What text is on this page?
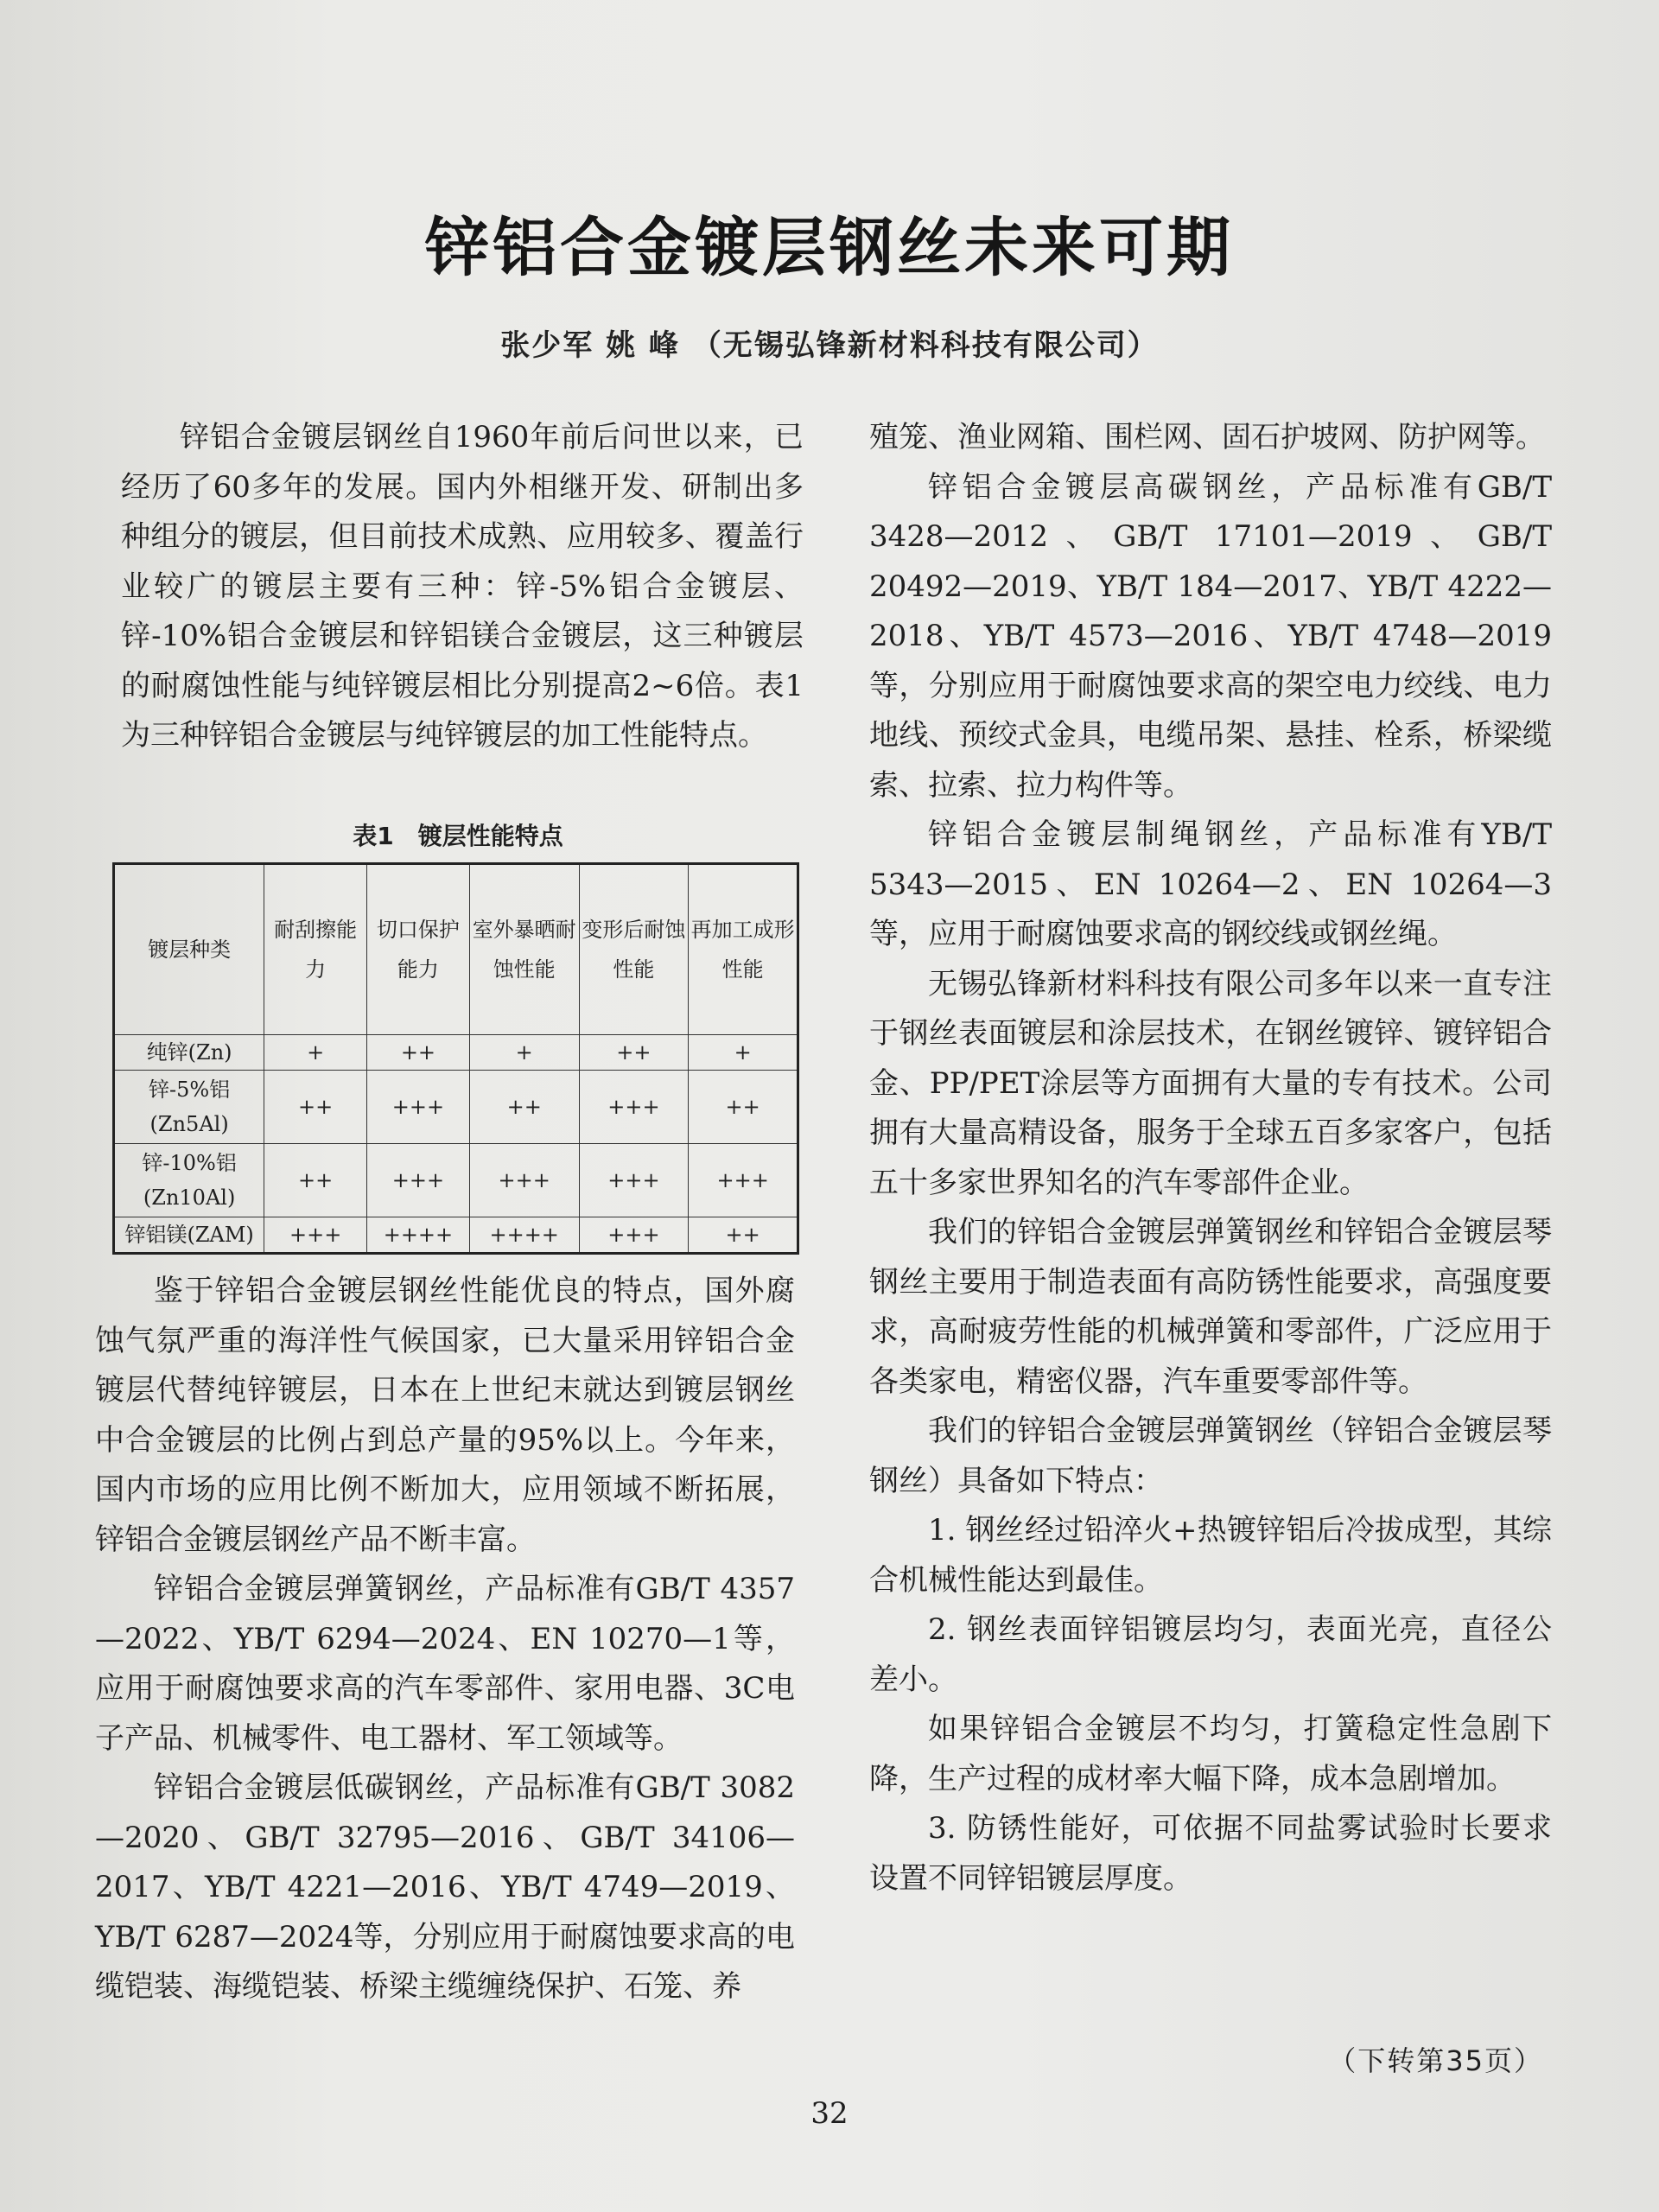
锌铝合金镀层钢丝未来可期
张少军 姚 峰 （无锡弘锋新材料科技有限公司）

锌铝合金镀层钢丝自1960年前后问世以来，已经历了60多年的发展。国内外相继开发、研制出多种组分的镀层，但目前技术成熟、应用较多、覆盖行业较广的镀层主要有三种：锌-5%铝合金镀层、锌-10%铝合金镀层和锌铝镁合金镀层，这三种镀层的耐腐蚀性能与纯锌镀层相比分别提高2~6倍。表1为三种锌铝合金镀层与纯锌镀层的加工性能特点。

表1　镀层性能特点
镀层种类	耐刮擦能力	切口保护能力	室外暴晒耐蚀性能	变形后耐蚀性能	再加工成形性能
纯锌(Zn)	+	++	+	++	+
锌-5%铝(Zn5Al)	++	+++	++	+++	++
锌-10%铝(Zn10Al)	++	+++	+++	+++	+++
锌铝镁(ZAM)	+++	++++	++++	+++	++

鉴于锌铝合金镀层钢丝性能优良的特点，国外腐蚀气氛严重的海洋性气候国家，已大量采用锌铝合金镀层代替纯锌镀层，日本在上世纪末就达到镀层钢丝中合金镀层的比例占到总产量的95%以上。今年来，国内市场的应用比例不断加大，应用领域不断拓展，锌铝合金镀层钢丝产品不断丰富。

锌铝合金镀层弹簧钢丝，产品标准有GB/T 4357—2022、YB/T 6294—2024、EN 10270—1等，应用于耐腐蚀要求高的汽车零部件、家用电器、3C电子产品、机械零件、电工器材、军工领域等。

锌铝合金镀层低碳钢丝，产品标准有GB/T 3082—2020、GB/T 32795—2016、GB/T 34106—2017、YB/T 4221—2016、YB/T 4749—2019、YB/T 6287—2024等，分别应用于耐腐蚀要求高的电缆铠装、海缆铠装、桥梁主缆缠绕保护、石笼、养

殖笼、渔业网箱、围栏网、固石护坡网、防护网等。

锌铝合金镀层高碳钢丝，产品标准有GB/T 3428—2012、GB/T 17101—2019、GB/T 20492—2019、YB/T 184—2017、YB/T 4222—2018、YB/T 4573—2016、YB/T 4748—2019等，分别应用于耐腐蚀要求高的架空电力绞线、电力地线、预绞式金具，电缆吊架、悬挂、栓系，桥梁缆索、拉索、拉力构件等。

锌铝合金镀层制绳钢丝，产品标准有YB/T 5343—2015、EN 10264—2、EN 10264—3等，应用于耐腐蚀要求高的钢绞线或钢丝绳。

无锡弘锋新材料科技有限公司多年以来一直专注于钢丝表面镀层和涂层技术，在钢丝镀锌、镀锌铝合金、PP/PET涂层等方面拥有大量的专有技术。公司拥有大量高精设备，服务于全球五百多家客户，包括五十多家世界知名的汽车零部件企业。

我们的锌铝合金镀层弹簧钢丝和锌铝合金镀层琴钢丝主要用于制造表面有高防锈性能要求，高强度要求，高耐疲劳性能的机械弹簧和零部件，广泛应用于各类家电，精密仪器，汽车重要零部件等。

我们的锌铝合金镀层弹簧钢丝（锌铝合金镀层琴钢丝）具备如下特点：

1. 钢丝经过铅淬火+热镀锌铝后冷拔成型，其综合机械性能达到最佳。

2. 钢丝表面锌铝镀层均匀，表面光亮，直径公差小。

如果锌铝合金镀层不均匀，打簧稳定性急剧下降，生产过程的成材率大幅下降，成本急剧增加。

3. 防锈性能好，可依据不同盐雾试验时长要求设置不同锌铝镀层厚度。

（下转第35页）
32
